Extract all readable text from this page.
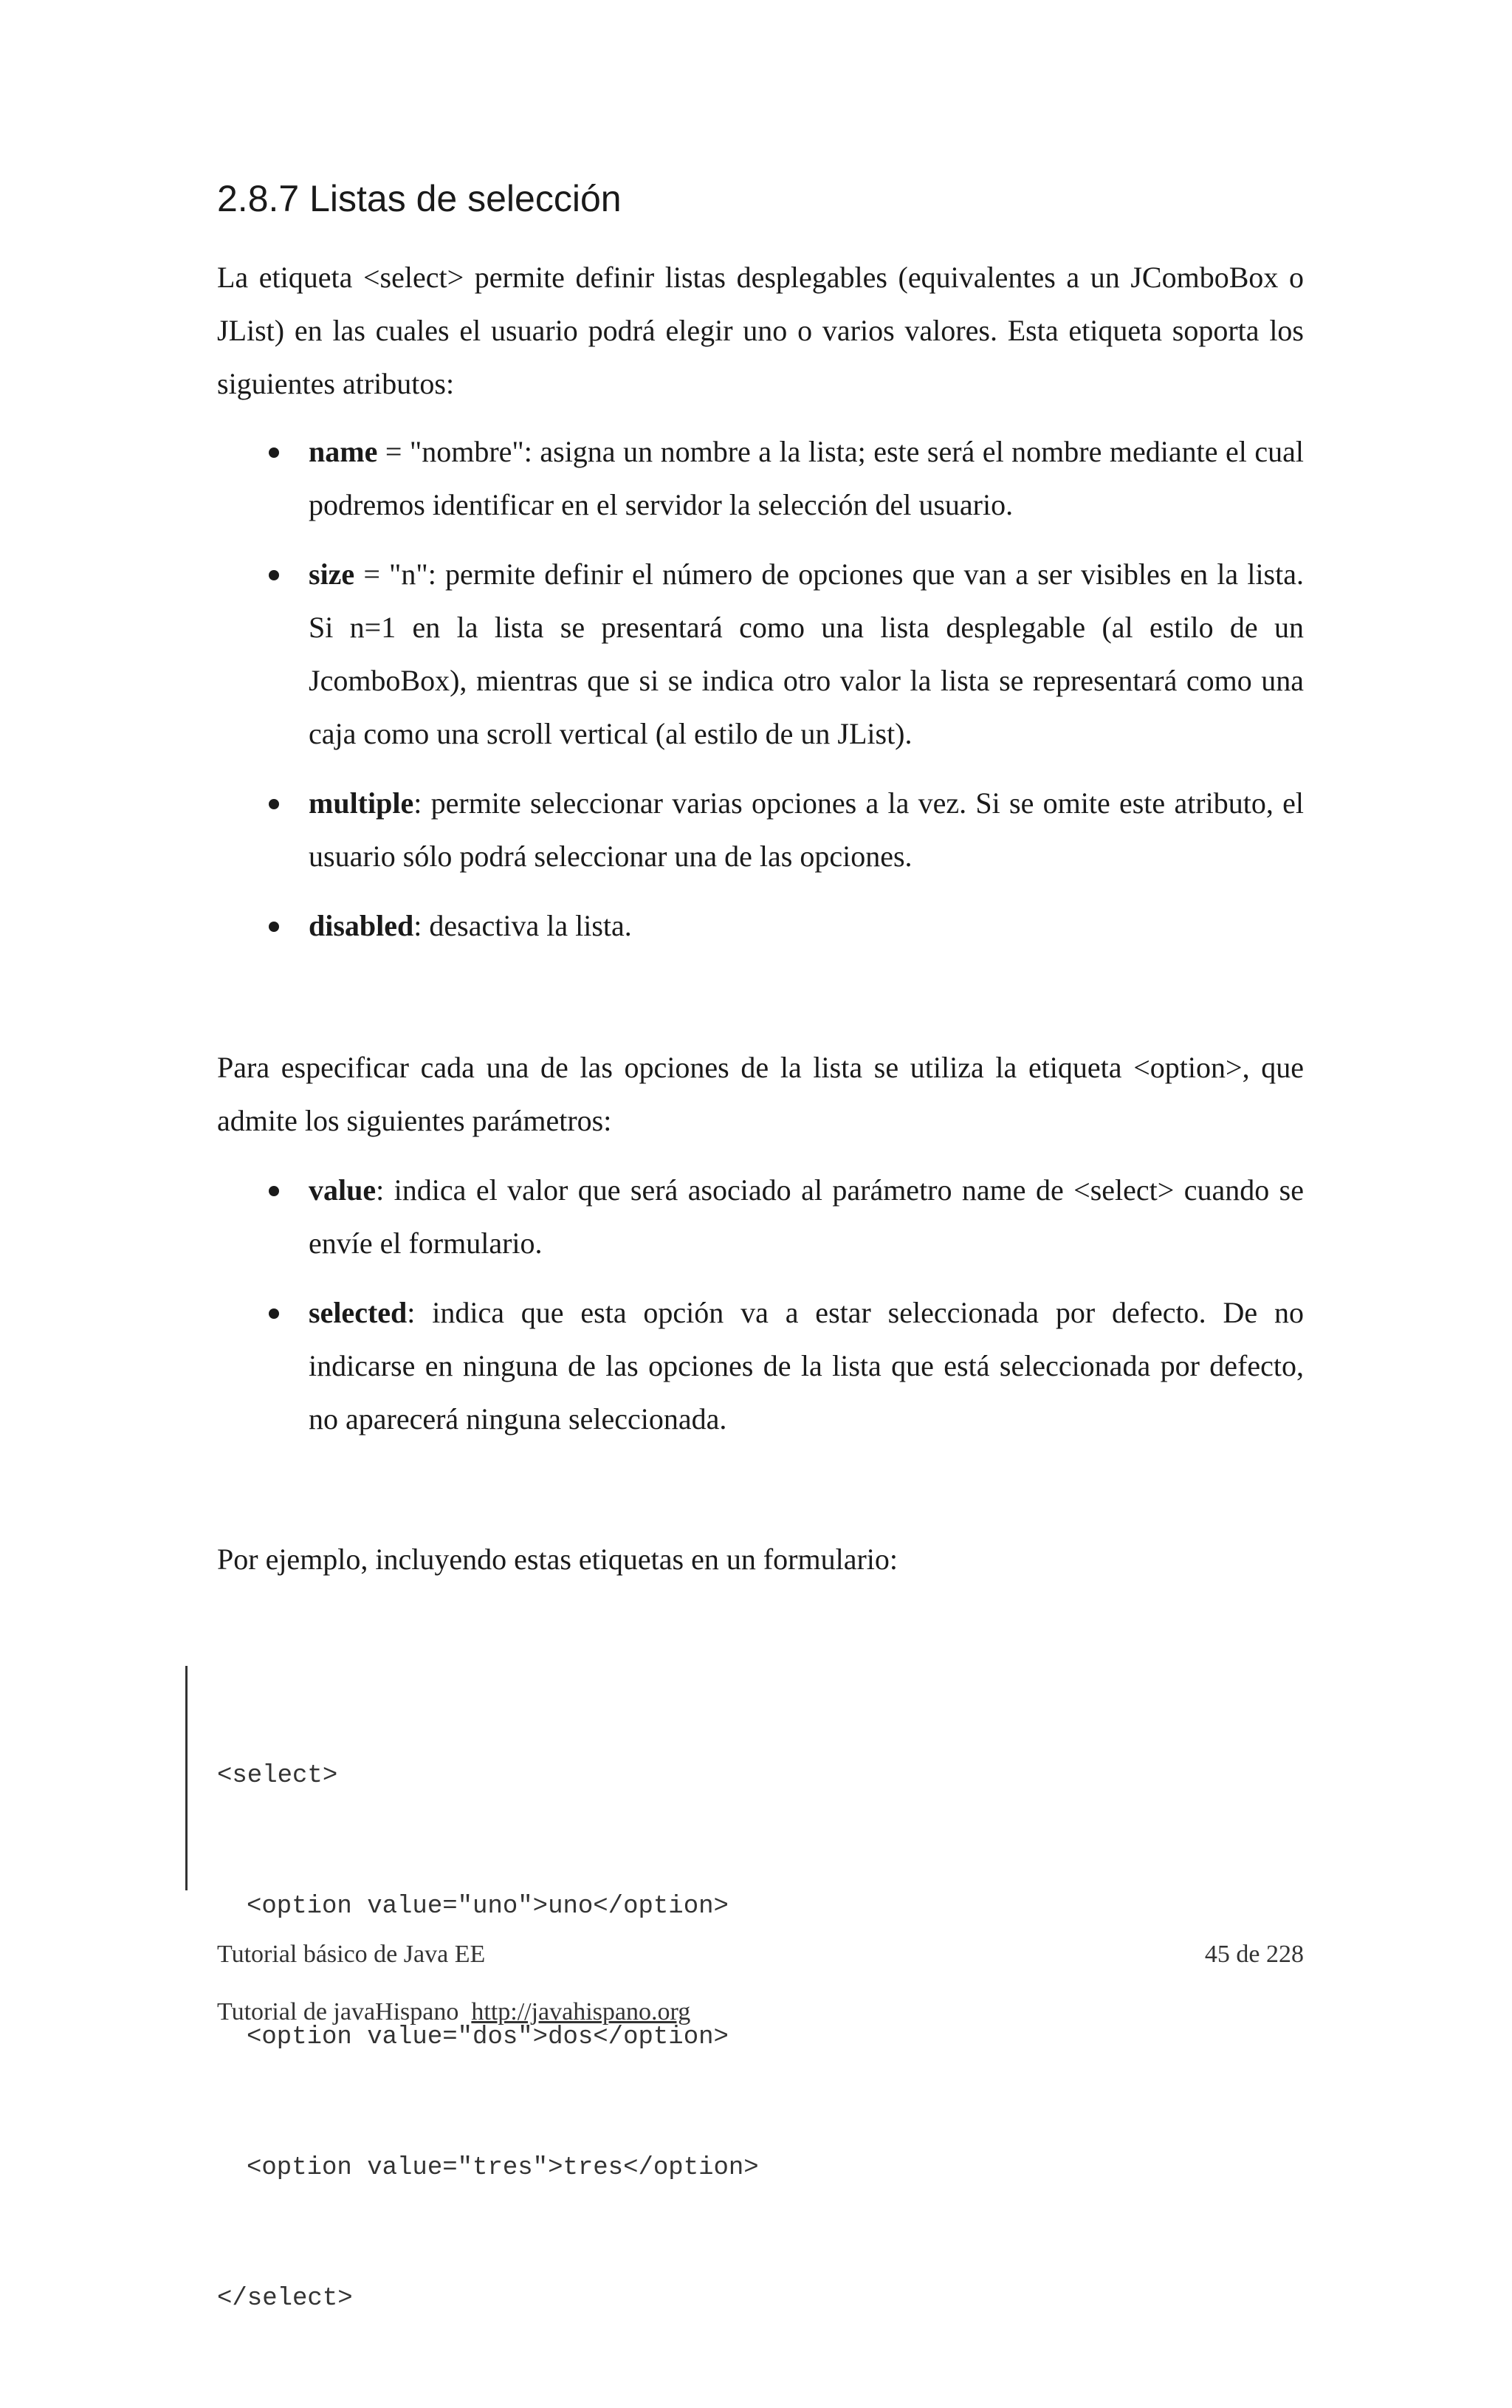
2.8.7 Listas de selección

La etiqueta <select> permite definir listas desplegables (equivalentes a un JComboBox o JList) en las cuales el usuario podrá elegir uno o varios valores. Esta etiqueta soporta los siguientes atributos:

name = "nombre": asigna un nombre a la lista; este será el nombre mediante el cual podremos identificar en el servidor la selección del usuario.
size = "n": permite definir el número de opciones que van a ser visibles en la lista. Si n=1 en la lista se presentará como una lista desplegable (al estilo de un JcomboBox), mientras que si se indica otro valor la lista se representará como una caja como una scroll vertical (al estilo de un JList).
multiple: permite seleccionar varias opciones a la vez. Si se omite este atributo, el usuario sólo podrá seleccionar una de las opciones.
disabled: desactiva la lista.

Para especificar cada una de las opciones de la lista se utiliza la etiqueta <option>, que admite los siguientes parámetros:

value: indica el valor que será asociado al parámetro name de <select> cuando se envíe el formulario.
selected: indica que esta opción va a estar seleccionada por defecto. De no indicarse en ninguna de las opciones de la lista que está seleccionada por defecto, no aparecerá ninguna seleccionada.

Por ejemplo, incluyendo estas etiquetas en un formulario:

<select>

<option value="uno">uno</option>

<option value="dos">dos</option>

<option value="tres">tres</option>

</select>

Tutorial básico de Java EE	45 de 228
Tutorial de javaHispano http://javahispano.org
